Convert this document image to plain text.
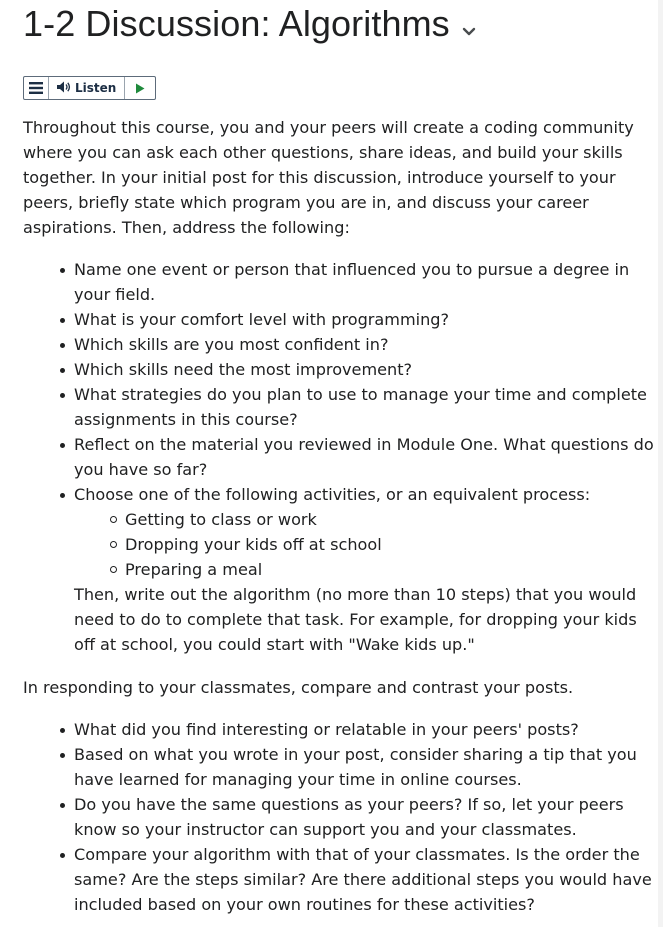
1-2 Discussion: Algorithms
Listen

Throughout this course, you and your peers will create a coding community where you can ask each other questions, share ideas, and build your skills together. In your initial post for this discussion, introduce yourself to your peers, briefly state which program you are in, and discuss your career aspirations. Then, address the following:

Name one event or person that influenced you to pursue a degree in your field.
What is your comfort level with programming?
Which skills are you most confident in?
Which skills need the most improvement?
What strategies do you plan to use to manage your time and complete assignments in this course?
Reflect on the material you reviewed in Module One. What questions do you have so far?
Choose one of the following activities, or an equivalent process:
Getting to class or work
Dropping your kids off at school
Preparing a meal
Then, write out the algorithm (no more than 10 steps) that you would need to do to complete that task. For example, for dropping your kids off at school, you could start with "Wake kids up."

In responding to your classmates, compare and contrast your posts.

What did you find interesting or relatable in your peers' posts?
Based on what you wrote in your post, consider sharing a tip that you have learned for managing your time in online courses.
Do you have the same questions as your peers? If so, let your peers know so your instructor can support you and your classmates.
Compare your algorithm with that of your classmates. Is the order the same? Are the steps similar? Are there additional steps you would have included based on your own routines for these activities?
